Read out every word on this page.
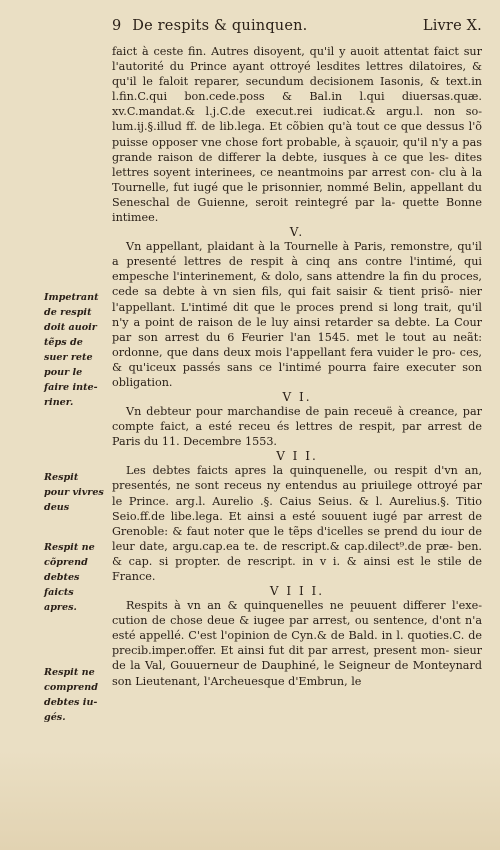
9 De respits & quinquen.	Livre X.
Impetrant de respit doit auoir tẽps de suer rete pour le faire inte- riner.
Respit pour vivres deus
Respit ne cõprend debtes faicts apres.
Respit ne comprend debtes iu- gés.

faict à ceste fin. Autres disoyent, qu'il y auoit attentat faict sur l'autorité du Prince ayant ottroyé lesdites lettres dilatoires, & qu'il le faloit reparer, secundum decisionem Iasonis, & text.in l.fin.C.qui bon.cede.poss & Bal.in l.qui diuersas.quæ. xv.C.mandat.& l.j.C.de execut.rei iudicat.& argu.l. non so- lum.ij.§.illud ff. de lib.lega. Et cõbien qu'à tout ce que dessus l'õ puisse opposer vne chose fort probable, à sçauoir, qu'il n'y a pas grande raison de differer la debte, iusques à ce que les- dites lettres soyent interinees, ce neantmoins par arrest con- clu à la Tournelle, fut iugé que le prisonnier, nommé Belin, appellant du Seneschal de Guienne, seroit reintegré par la- quette Bonne intimee.

V.

Vn appellant, plaidant à la Tournelle à Paris, remonstre, qu'il a presenté lettres de respit à cinq ans contre l'intimé, qui empesche l'interinement, & dolo, sans attendre la fin du proces, cede sa debte à vn sien fils, qui fait saisir & tient prisõ- nier l'appellant. L'intimé dit que le proces prend si long trait, qu'il n'y a point de raison de le luy ainsi retarder sa debte. La Cour par son arrest du 6 Feurier l'an 1545. met le tout au neãt: ordonne, que dans deux mois l'appellant fera vuider le pro- ces, & qu'iceux passés sans ce l'intimé pourra faire executer son obligation.

V I.

Vn debteur pour marchandise de pain receuë à creance, par compte faict, a esté receu és lettres de respit, par arrest de Paris du 11. Decembre 1553.

V I I.

Les debtes faicts apres la quinquenelle, ou respit d'vn an, presentés, ne sont receus ny entendus au priuilege ottroyé par le Prince. arg.l. Aurelio .§. Caius Seius. & l. Aurelius.§. Titio Seio.ff.de libe.lega. Et ainsi a esté souuent iugé par arrest de Grenoble: & faut noter que le tẽps d'icelles se prend du iour de leur date, argu.cap.ea te. de rescript.& cap.dilect⁹.de præ- ben. & cap. si propter. de rescript. in v i. & ainsi est le stile de France.

V I I I.

Respits à vn an & quinquenelles ne peuuent differer l'exe- cution de chose deue & iugee par arrest, ou sentence, d'ont n'a esté appellé. C'est l'opinion de Cyn.& de Bald. in l. quoties.C. de precib.imper.offer. Et ainsi fut dit par arrest, present mon- sieur de la Val, Gouuerneur de Dauphiné, le Seigneur de Monteynard son Lieutenant, l'Archeuesque d'Embrun, le
